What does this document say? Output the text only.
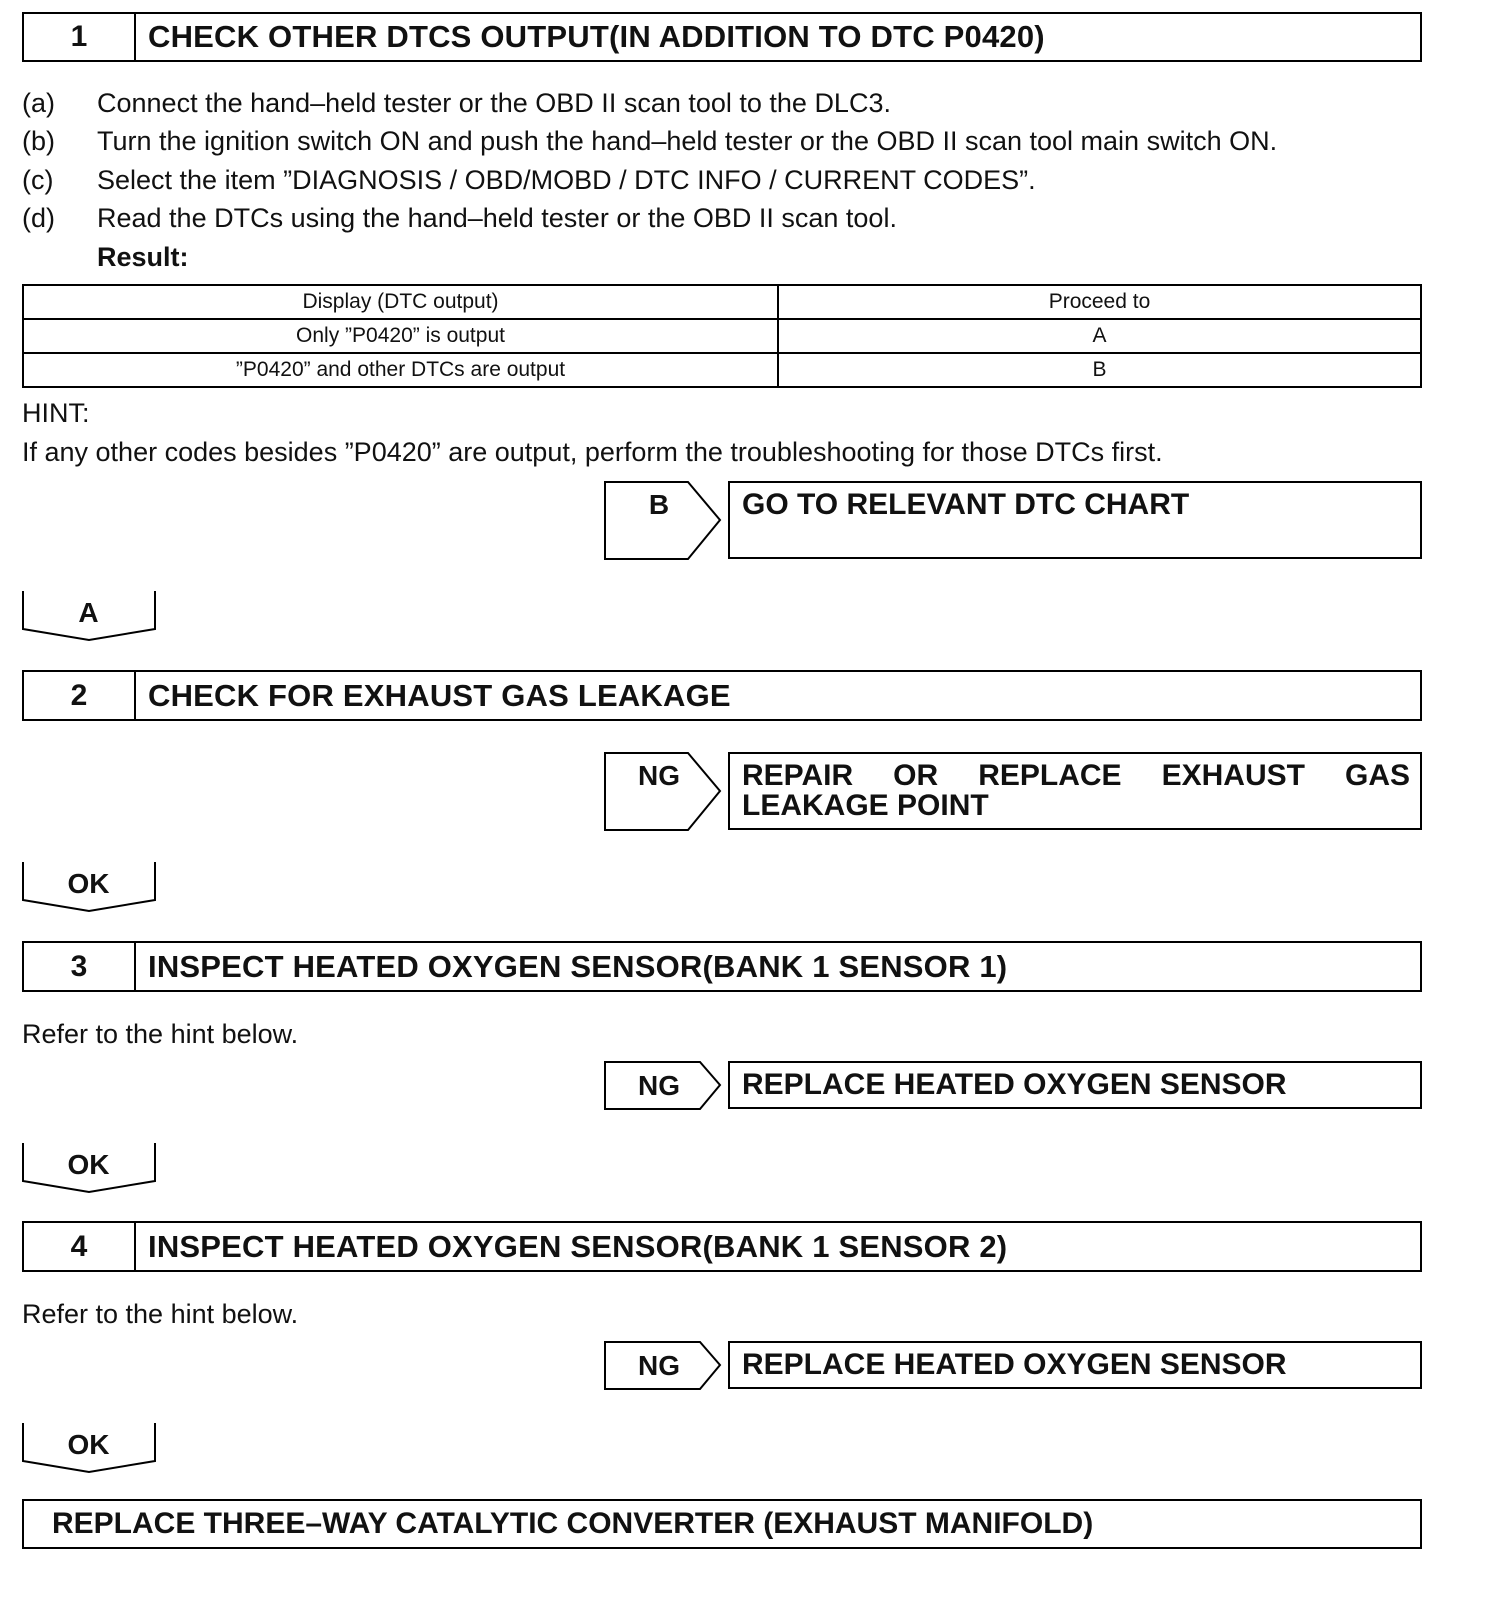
1	CHECK OTHER DTCS OUTPUT(IN ADDITION TO DTC P0420)
(a) Connect the hand–held tester or the OBD II scan tool to the DLC3.
(b) Turn the ignition switch ON and push the hand–held tester or the OBD II scan tool main switch ON.
(c) Select the item ”DIAGNOSIS / OBD/MOBD / DTC INFO / CURRENT CODES”.
(d) Read the DTCs using the hand–held tester or the OBD II scan tool.
Result:
Display (DTC output)	Proceed to
Only ”P0420” is output	A
”P0420” and other DTCs are output	B
HINT:
If any other codes besides ”P0420” are output, perform the troubleshooting for those DTCs first.
B	GO TO RELEVANT DTC CHART
A
2	CHECK FOR EXHAUST GAS LEAKAGE
NG	REPAIR OR REPLACE EXHAUST GAS
LEAKAGE POINT
OK
3	INSPECT HEATED OXYGEN SENSOR(BANK 1 SENSOR 1)
Refer to the hint below.
NG	REPLACE HEATED OXYGEN SENSOR
OK
4	INSPECT HEATED OXYGEN SENSOR(BANK 1 SENSOR 2)
Refer to the hint below.
NG	REPLACE HEATED OXYGEN SENSOR
OK
REPLACE THREE–WAY CATALYTIC CONVERTER (EXHAUST MANIFOLD)
